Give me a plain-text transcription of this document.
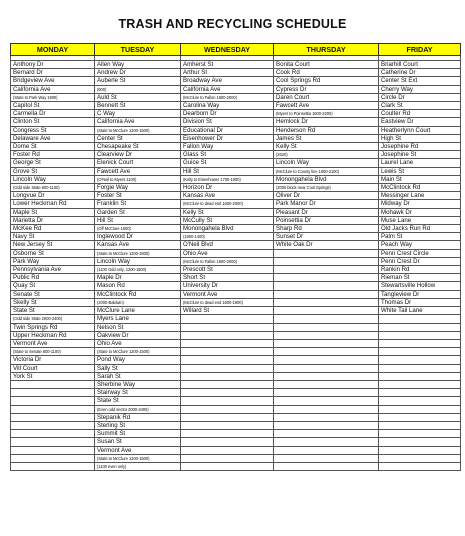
TRASH AND RECYCLING SCHEDULE
MONDAY	TUESDAY	WEDNESDAY	THURSDAY	FRIDAY

Anthony Dr	Allen Way	Amherst St	Bonita Court	Briarhill Court
Bernard Dr	Andrew Dr	Arthur St	Cook Rd	Catherine Dr
Bridgeview Ave	Auberle St	Broadway Ave	Cool Springs Rd	Center St Ext
California Ave	(900)	California Ave	Cypress Dr	Cherry Way
(State to Park Way 1900)	Auld St	(McClure to Fallon 1600-2000)	Daren Court	Circle Dr
Capitol St	Bennett St	Carolina Way	Fawcett Ave	Clark St
Carmella Dr	C Way	Dearborn Dr	(Myers to Poinsettia 1600-2200)	Coulter Rd
Clinton St	California Ave	Division St	Hemlock Dr	Eastview Dr
Congress St	(State to McClure 1200-1500)	Educational Dr	Henderson Rd	Heatherlynn Court
Delaware Ave	Center St	Eisenhower Dr	James St	High St
Dome St	Chesapeake St	Fallon Way	Kelly St	Josephine Rd
Foster Rd	Clearview Dr	Glass St	(2620)	Josephine St
George St	Elenick Court	Guice St	Lincoln Way	Laurel Lane
Grove St	Fawcett Ave	Hill St	(McClure to County line 1600-2100)	Lewis St
Lincoln Way	(O'Neil to Myers 1100)	(Kelly to Eisenhower 1700-1900)	Monongahela Blvd	Main St
(Odd side State 800-1100)	Forgie Way	Horizon Dr	(2000 block near Cool Springs)	McClintock Rd
Longvue Dr	Foster St	Kansas Ave	Oliver Dr	Messinger Lane
Lower Heckman Rd	Franklin St	(McClure to dead end 1600-2000)	Park Manor Dr	Midway Dr
Maple St	Garden St	Kelly St	Pleasant Dr	Mohawk Dr
Marietta Dr	Hill St	McCully St	Poinsettia Dr	Muse Lane
McKee Rd	(Off McClure 1600)	Monongahela Blvd	Sharp Rd	Old Jacks Run Rd
Navy St	Inglewood Dr	(1900-1400)	Sunset Dr	Palm St
New Jersey St	Kansas Ave	O'Neil Blvd	White Oak Dr	Peach Way
Osborne St	(State to McClure 1200-1800)	Ohio Ave		Penn Crest Circle
Park Way	Lincoln Way	(McClure to Fallon 1600-2000)		Penn Crest Dr
Pennsylvania Ave	(1100 Odd only, 1200-1500)	Prescott St		Rankin Rd
Public Rd	Maple Dr	Short St		Rieman St
Quay St	Mason Rd	University Dr		Stewartsville Hollow
Senate St	McClintock Rd	Vermont Ave		Tangleview Dr
Skelly St	(2000-Baldwin)	(McClure to dead end 1600-1900)		Thomas Dr
State St	McClure Lane	Willard St		White Tail Lane
(Odd side State 2000-2400)	Myers Lane			
Twin Springs Rd	Nelson St			
Upper Heckman Rd	Oakview Dr			
Vermont Ave	Ohio Ave			
(State to Senate 800-1100)	(State to McClure 1200-1500)			
Victoria Dr	Pond Way			
Vill Court	Sally St			
York St	Sarah St			
	Sherbine Way			
	Stairway St			
	State St			
	(Even odd sector 2000-2400)			
	Stepanik Rd			
	Sterling St			
	Summit St			
	Susan St			
	Vermont Ave			
	(State to McClure 1200-1500)			
	(1100 even only)			
